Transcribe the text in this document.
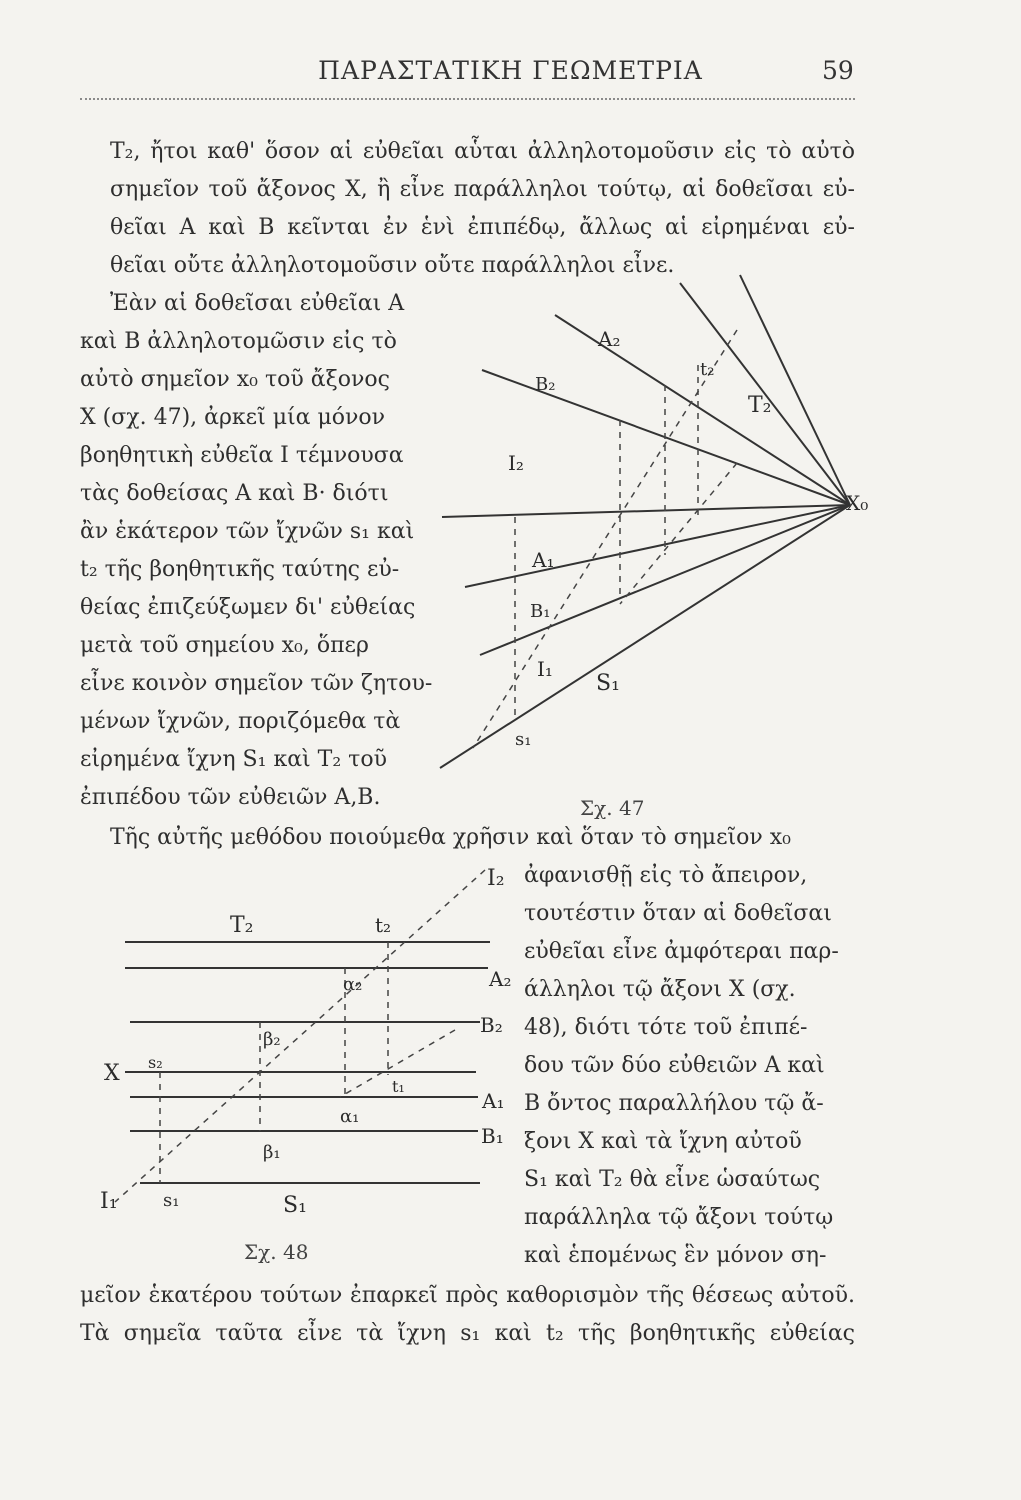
ΠΑΡΑΣΤΑΤΙΚΗ ΓΕΩΜΕΤΡΙΑ	59
T₂, ἤτοι καθ' ὅσον αἱ εὐθεῖαι αὗται ἀλληλοτομοῦσιν εἰς τὸ αὐτὸ
σημεῖον τοῦ ἄξονος X, ἢ εἶνε παράλληλοι τούτῳ, αἱ δοθεῖσαι εὐ-
θεῖαι A καὶ B κεῖνται ἐν ἑνὶ ἐπιπέδῳ, ἄλλως αἱ εἰρημέναι εὐ-
θεῖαι οὔτε ἀλληλοτομοῦσιν οὔτε παράλληλοι εἶνε.
Ἐὰν αἱ δοθεῖσαι εὐθεῖαι A
καὶ B ἀλληλοτομῶσιν εἰς τὸ
αὐτὸ σημεῖον x₀ τοῦ ἄξονος
X (σχ. 47), ἀρκεῖ μία μόνον
βοηθητικὴ εὐθεῖα I τέμνουσα
τὰς δοθείσας A καὶ B· διότι
ἂν ἑκάτερον τῶν ἴχνῶν s₁ καὶ
t₂ τῆς βοηθητικῆς ταύτης εὐ-
θείας ἐπιζεύξωμεν δι' εὐθείας
μετὰ τοῦ σημείου x₀, ὅπερ
εἶνε κοινὸν σημεῖον τῶν ζητου-
μένων ἴχνῶν, ποριζόμεθα τὰ
εἰρημένα ἴχνη S₁ καὶ T₂ τοῦ
ἐπιπέδου τῶν εὐθειῶν A,B.	Σχ. 47
Τῆς αὐτῆς μεθόδου ποιούμεθα χρῆσιν καὶ ὅταν τὸ σημεῖον x₀
ἀφανισθῇ εἰς τὸ ἄπειρον,
τουτέστιν ὅταν αἱ δοθεῖσαι
εὐθεῖαι εἶνε ἀμφότεραι παρ-
άλληλοι τῷ ἄξονι X (σχ.
48), διότι τότε τοῦ ἐπιπέ-
δου τῶν δύο εὐθειῶν A καὶ
B ὄντος παραλλήλου τῷ ἄ-
ξονι X καὶ τὰ ἴχνη αὐτοῦ
S₁ καὶ T₂ θὰ εἶνε ὡσαύτως
παράλληλα τῷ ἄξονι τούτῳ
καὶ ἑπομένως ἓν μόνον ση-
Σχ. 48
μεῖον ἑκατέρου τούτων ἐπαρκεῖ πρὸς καθορισμὸν τῆς θέσεως αὐτοῦ.
Τὰ σημεῖα ταῦτα εἶνε τὰ ἴχνη s₁ καὶ t₂ τῆς βοηθητικῆς εὐθείας
A₂
B₂
t₂
T₂
I₂
X₀
A₁
B₁
I₁
S₁
s₁
T₂	t₂
I₂
α₂	A₂
β₂
B₂
X s₂
t₁
α₁
A₁
β₁
B₁
I₁	s₁	S₁
